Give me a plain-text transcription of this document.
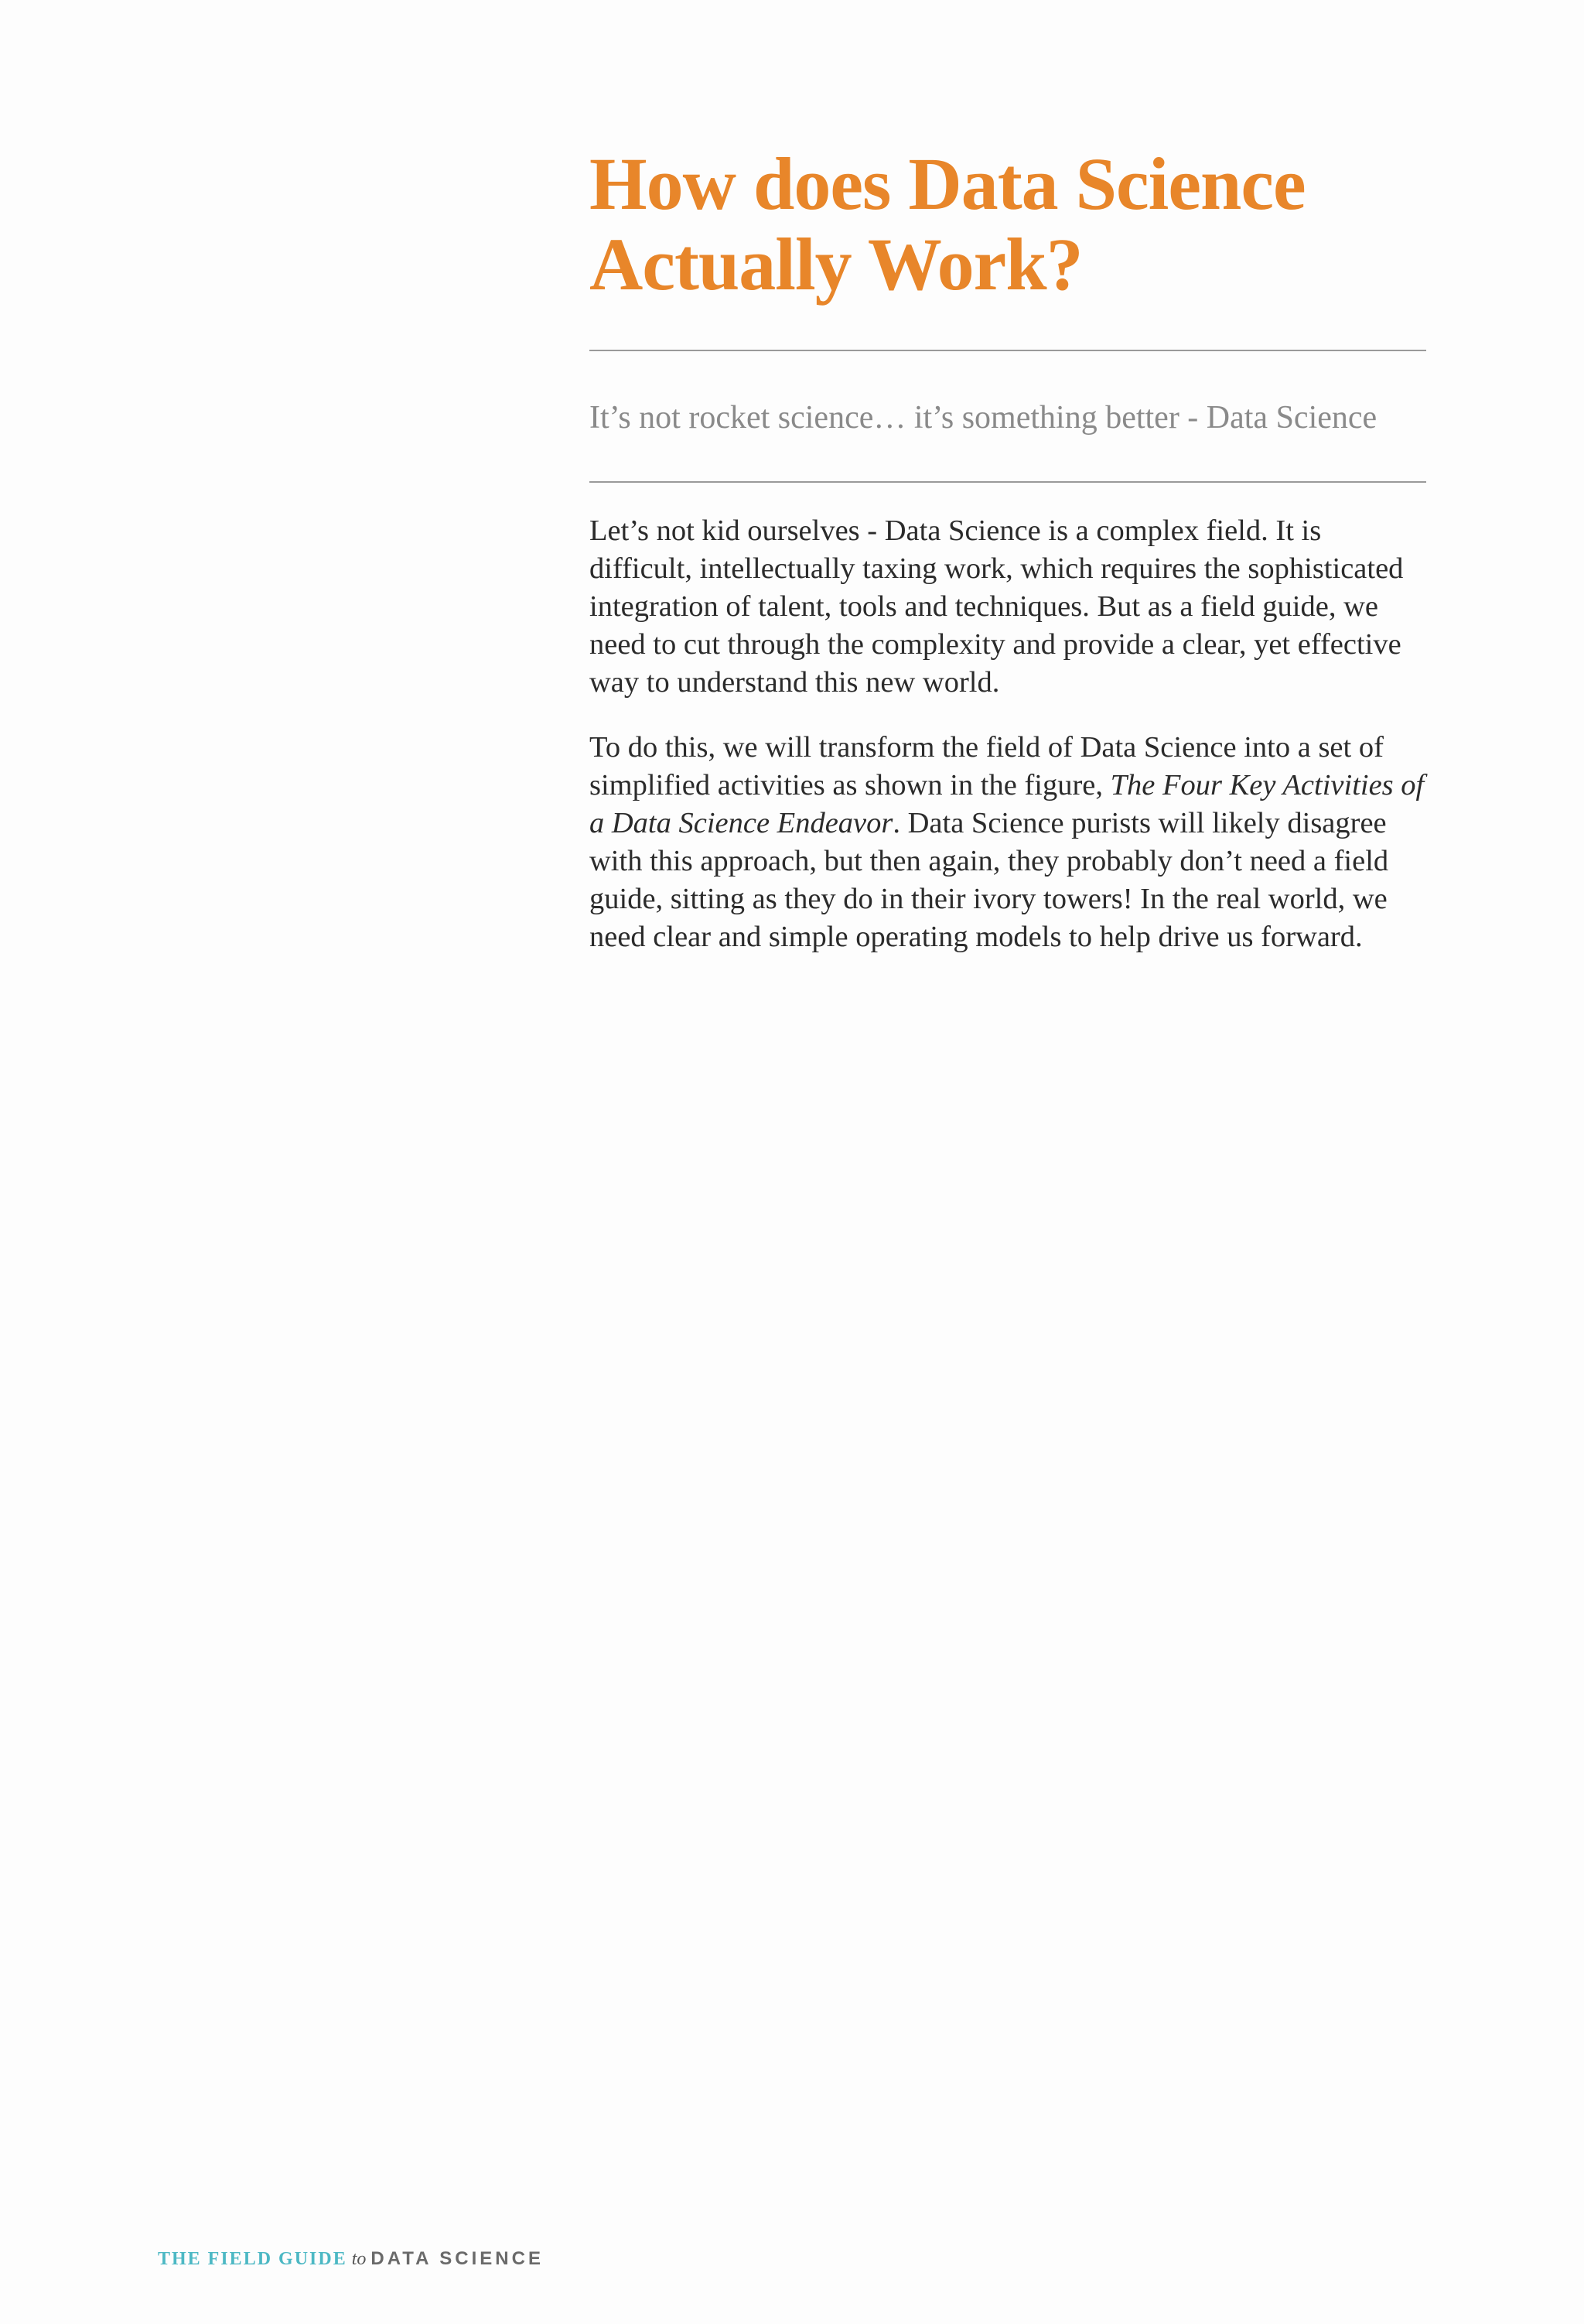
How does Data Science
Actually Work?

It’s not rocket science… it’s something better - Data Science

Let’s not kid ourselves - Data Science is a complex field. It is difficult, intellectually taxing work, which requires the sophisticated integration of talent, tools and techniques. But as a field guide, we need to cut through the complexity and provide a clear, yet effective way to understand this new world.

To do this, we will transform the field of Data Science into a set of simplified activities as shown in the figure, The Four Key Activities of a Data Science Endeavor. Data Science purists will likely disagree with this approach, but then again, they probably don’t need a field guide, sitting as they do in their ivory towers! In the real world, we need clear and simple operating models to help drive us forward.

THE FIELD GUIDE to DATA SCIENCE
